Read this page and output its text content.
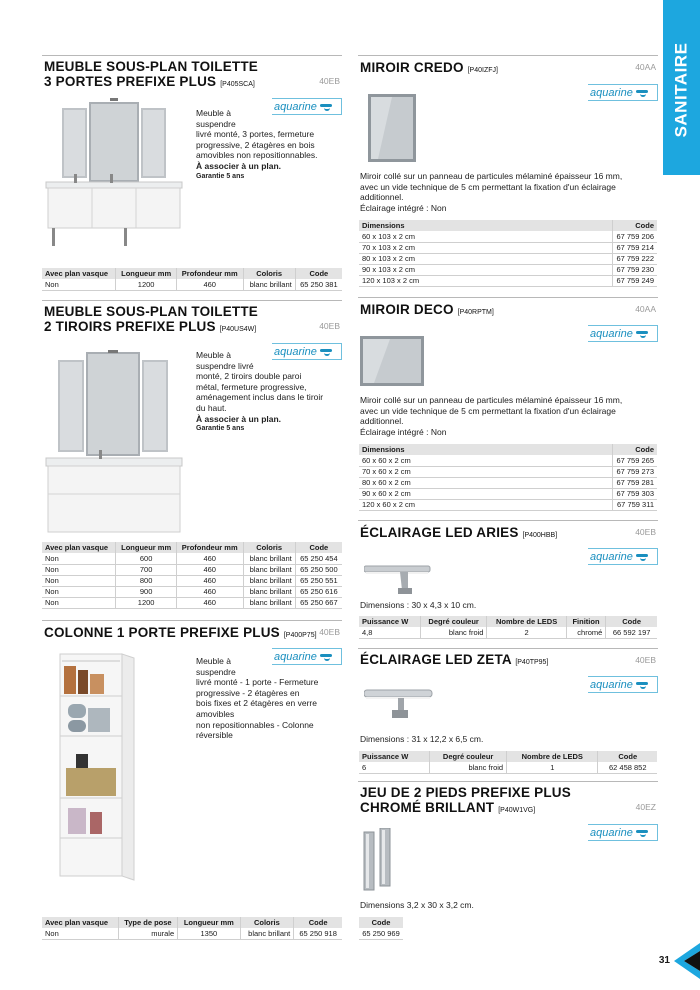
SANITAIRE
MEUBLE SOUS-PLAN TOILETTE
3 PORTES PREFIXE PLUS [P405SCA]	40EB
aquarine
Meuble à
suspendre
livré monté, 3 portes, fermeture
progressive, 2 étagères en bois
amovibles non repositionnables.
À associer à un plan.
Garantie 5 ans
Avec plan vasque	Longueur mm	Profondeur mm	Coloris	Code
Non	1200	460	blanc brillant	65 250 381
MEUBLE SOUS-PLAN TOILETTE
2 TIROIRS PREFIXE PLUS [P40US4W]	40EB
aquarine
Meuble à
suspendre livré
monté, 2 tiroirs double paroi
métal, fermeture progressive,
aménagement inclus dans le tiroir
du haut.
À associer à un plan.
Garantie 5 ans
Avec plan vasque	Longueur mm	Profondeur mm	Coloris	Code
Non	600	460	blanc brillant	65 250 454
Non	700	460	blanc brillant	65 250 500
Non	800	460	blanc brillant	65 250 551
Non	900	460	blanc brillant	65 250 616
Non	1200	460	blanc brillant	65 250 667
COLONNE 1 PORTE PREFIXE PLUS [P400P75] 40EB
aquarine
Meuble à
suspendre
livré monté - 1 porte - Fermeture
progressive - 2 étagères en
bois fixes et 2 étagères en verre
amovibles
non repositionnables - Colonne
réversible
Avec plan vasque	Type de pose	Longueur mm	Coloris	Code
Non	murale	1350	blanc brillant	65 250 918
MIROIR CREDO [P40IZFJ]	40AA
aquarine
Miroir collé sur un panneau de particules mélaminé épaisseur 16 mm,
avec un vide technique de 5 cm permettant la fixation d'un éclairage
additionnel.
Éclairage intégré : Non
Dimensions	Code
60 x 103 x 2 cm	67 759 206
70 x 103 x 2 cm	67 759 214
80 x 103 x 2 cm	67 759 222
90 x 103 x 2 cm	67 759 230
120 x 103 x 2 cm	67 759 249
MIROIR DECO [P40RPTM]	40AA
aquarine
Miroir collé sur un panneau de particules mélaminé épaisseur 16 mm,
avec un vide technique de 5 cm permettant la fixation d'un éclairage
additionnel.
Éclairage intégré : Non
Dimensions	Code
60 x 60 x 2 cm	67 759 265
70 x 60 x 2 cm	67 759 273
80 x 60 x 2 cm	67 759 281
90 x 60 x 2 cm	67 759 303
120 x 60 x 2 cm	67 759 311
ÉCLAIRAGE LED ARIES [P400HBB]	40EB
aquarine
Dimensions : 30 x 4,3 x 10 cm.
Puissance W	Degré couleur	Nombre de LEDS	Finition	Code
4,8	blanc froid	2	chromé	66 592 197
ÉCLAIRAGE LED ZETA [P40TP95]	40EB
aquarine
Dimensions : 31 x 12,2 x 6,5 cm.
Puissance W	Degré couleur	Nombre de LEDS	Code
6	blanc froid	1	62 458 852
JEU DE 2 PIEDS PREFIXE PLUS
CHROMÉ BRILLANT [P40W1VG]	40EZ
aquarine
Dimensions 3,2 x 30 x 3,2 cm.
Code
65 250 969
31
